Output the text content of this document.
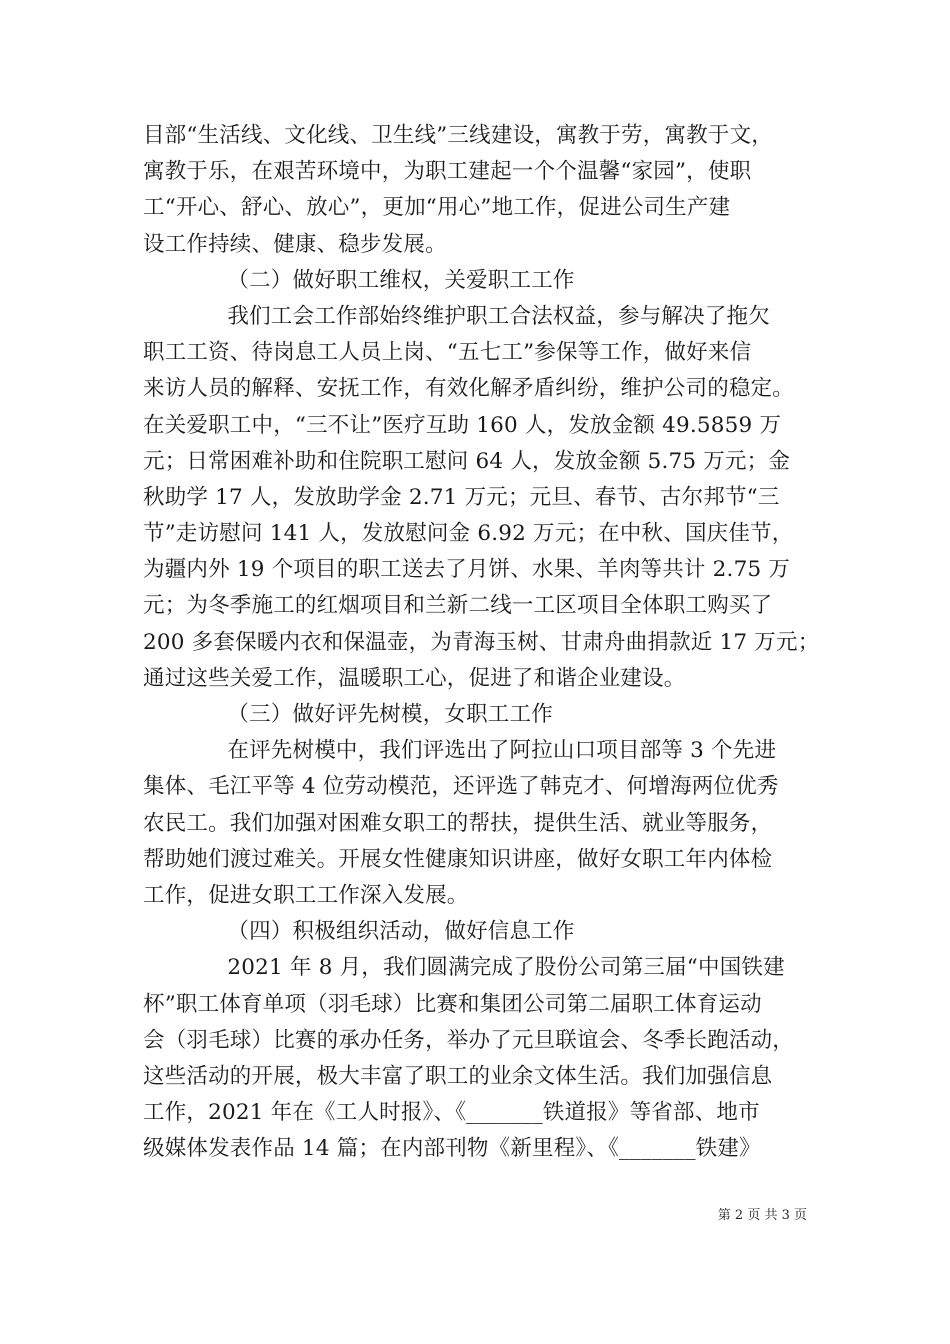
目部“生活线、文化线、卫生线”三线建设，寓教于劳，寓教于文，
寓教于乐，在艰苦环境中，为职工建起一个个温馨“家园”，使职
工“开心、舒心、放心”，更加“用心”地工作，促进公司生产建
设工作持续、健康、稳步发展。
（二）做好职工维权，关爱职工工作
我们工会工作部始终维护职工合法权益，参与解决了拖欠
职工工资、待岗息工人员上岗、“五七工”参保等工作，做好来信
来访人员的解释、安抚工作，有效化解矛盾纠纷，维护公司的稳定。
在关爱职工中，“三不让”医疗互助 160 人，发放金额 49.5859 万
元；日常困难补助和住院职工慰问 64 人，发放金额 5.75 万元；金
秋助学 17 人，发放助学金 2.71 万元；元旦、春节、古尔邦节“三
节”走访慰问 141 人，发放慰问金 6.92 万元；在中秋、国庆佳节，
为疆内外 19 个项目的职工送去了月饼、水果、羊肉等共计 2.75 万
元；为冬季施工的红烟项目和兰新二线一工区项目全体职工购买了
200 多套保暖内衣和保温壶，为青海玉树、甘肃舟曲捐款近 17 万元；
通过这些关爱工作，温暖职工心，促进了和谐企业建设。
（三）做好评先树模，女职工工作
在评先树模中，我们评选出了阿拉山口项目部等 3 个先进
集体、毛江平等 4 位劳动模范，还评选了韩克才、何增海两位优秀
农民工。我们加强对困难女职工的帮扶，提供生活、就业等服务，
帮助她们渡过难关。开展女性健康知识讲座，做好女职工年内体检
工作，促进女职工工作深入发展。
（四）积极组织活动，做好信息工作
2021 年 8 月，我们圆满完成了股份公司第三届“中国铁建
杯”职工体育单项（羽毛球）比赛和集团公司第二届职工体育运动
会（羽毛球）比赛的承办任务，举办了元旦联谊会、冬季长跑活动，
这些活动的开展，极大丰富了职工的业余文体生活。我们加强信息
工作，2021 年在《工人时报》、《_______铁道报》等省部、地市
级媒体发表作品 14 篇；在内部刊物《新里程》、《_______铁建》
第 2 页 共 3 页
